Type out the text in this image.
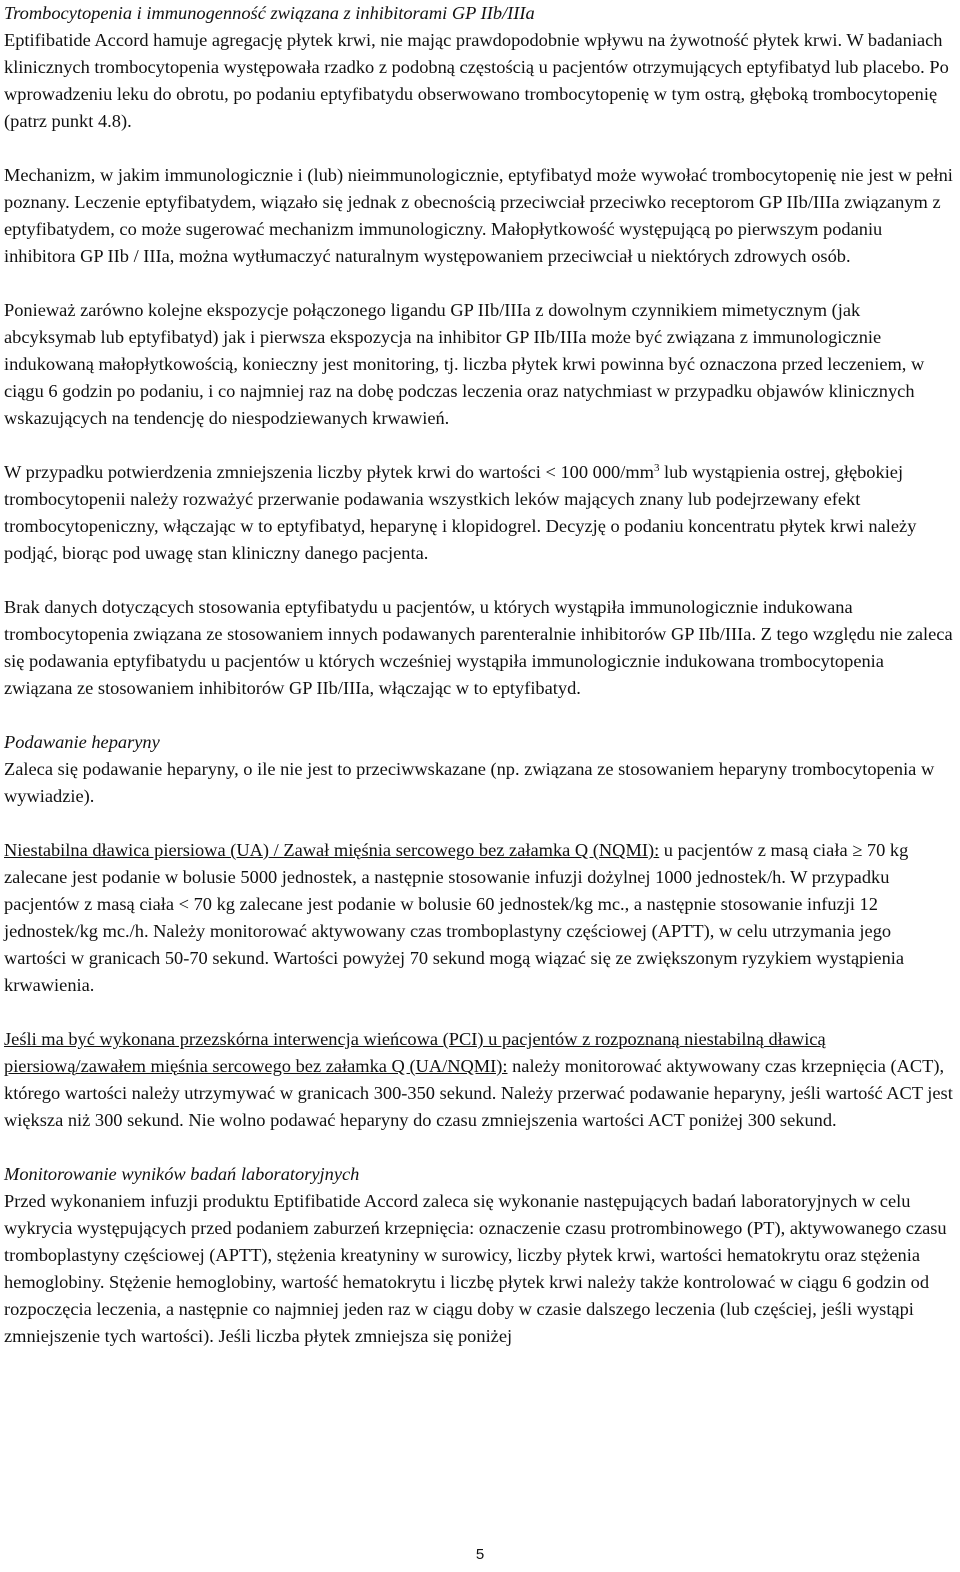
Trombocytopenia i immunogenność związana z inhibitorami GP IIb/IIIa

Eptifibatide Accord hamuje agregację płytek krwi, nie mając prawdopodobnie wpływu na żywotność płytek krwi. W badaniach klinicznych trombocytopenia występowała rzadko z podobną częstością u pacjentów otrzymujących eptyfibatyd lub placebo. Po wprowadzeniu leku do obrotu, po podaniu eptyfibatydu obserwowano trombocytopenię w tym ostrą, głęboką trombocytopenię (patrz punkt 4.8).

Mechanizm, w jakim immunologicznie i (lub) nieimmunologicznie, eptyfibatyd może wywołać trombocytopenię nie jest w pełni poznany. Leczenie eptyfibatydem, wiązało się jednak z obecnością przeciwciał przeciwko receptorom GP IIb/IIIa związanym z eptyfibatydem, co może sugerować mechanizm immunologiczny. Małopłytkowość występującą po pierwszym podaniu inhibitora GP IIb / IIIa, można wytłumaczyć naturalnym występowaniem przeciwciał u niektórych zdrowych osób.

Ponieważ zarówno kolejne ekspozycje połączonego ligandu GP IIb/IIIa z dowolnym czynnikiem mimetycznym (jak abcyksymab lub eptyfibatyd) jak i pierwsza ekspozycja na inhibitor GP IIb/IIIa może być związana z immunologicznie indukowaną małopłytkowością, konieczny jest monitoring, tj. liczba płytek krwi powinna być oznaczona przed leczeniem, w ciągu 6 godzin po podaniu, i co najmniej raz na dobę podczas leczenia oraz natychmiast w przypadku objawów klinicznych wskazujących na tendencję do niespodziewanych krwawień.

W przypadku potwierdzenia zmniejszenia liczby płytek krwi do wartości < 100 $000/mm^3$ lub wystąpienia ostrej, głębokiej trombocytopenii należy rozważyć przerwanie podawania wszystkich leków mających znany lub podejrzewany efekt trombocytopeniczny, włączając w to eptyfibatyd, heparynę i klopidogrel. Decyzję o podaniu koncentratu płytek krwi należy podjąć, biorąc pod uwagę stan kliniczny danego pacjenta.

Brak danych dotyczących stosowania eptyfibatydu u pacjentów, u których wystąpiła immunologicznie indukowana trombocytopenia związana ze stosowaniem innych podawanych parenteralnie inhibitorów GP IIb/IIIa. Z tego względu nie zaleca się podawania eptyfibatydu u pacjentów u których wcześniej wystąpiła immunologicznie indukowana trombocytopenia związana ze stosowaniem inhibitorów GP IIb/IIIa, włączając w to eptyfibatyd.

Podawanie heparyny

Zaleca się podawanie heparyny, o ile nie jest to przeciwwskazane (np. związana ze stosowaniem heparyny trombocytopenia w wywiadzie).

Niestabilna dławica piersiowa (UA) / Zawał mięśnia sercowego bez załamka Q (NQMI): u pacjentów z masą ciała ≥ 70 kg zalecane jest podanie w bolusie 5000 jednostek, a następnie stosowanie infuzji dożylnej 1000 jednostek/h. W przypadku pacjentów z masą ciała < 70 kg zalecane jest podanie w bolusie 60 jednostek/kg mc., a następnie stosowanie infuzji 12 jednostek/kg mc./h. Należy monitorować aktywowany czas tromboplastyny częściowej (APTT), w celu utrzymania jego wartości w granicach 50-70 sekund. Wartości powyżej 70 sekund mogą wiązać się ze zwiększonym ryzykiem wystąpienia krwawienia.

Jeśli ma być wykonana przezskórna interwencja wieńcowa (PCI) u pacjentów z rozpoznaną niestabilną dławicą piersiową/zawałem mięśnia sercowego bez załamka Q (UA/NQMI): należy monitorować aktywowany czas krzepnięcia (ACT), którego wartości należy utrzymywać w granicach 300-350 sekund. Należy przerwać podawanie heparyny, jeśli wartość ACT jest większa niż 300 sekund. Nie wolno podawać heparyny do czasu zmniejszenia wartości ACT poniżej 300 sekund.

Monitorowanie wyników badań laboratoryjnych

Przed wykonaniem infuzji produktu Eptifibatide Accord zaleca się wykonanie następujących badań laboratoryjnych w celu wykrycia występujących przed podaniem zaburzeń krzepnięcia: oznaczenie czasu protrombinowego (PT), aktywowanego czasu tromboplastyny częściowej (APTT), stężenia kreatyniny w surowicy, liczby płytek krwi, wartości hematokrytu oraz stężenia hemoglobiny. Stężenie hemoglobiny, wartość hematokrytu i liczbę płytek krwi należy także kontrolować w ciągu 6 godzin od rozpoczęcia leczenia, a następnie co najmniej jeden raz w ciągu doby w czasie dalszego leczenia (lub częściej, jeśli wystąpi zmniejszenie tych wartości). Jeśli liczba płytek zmniejsza się poniżej

5
